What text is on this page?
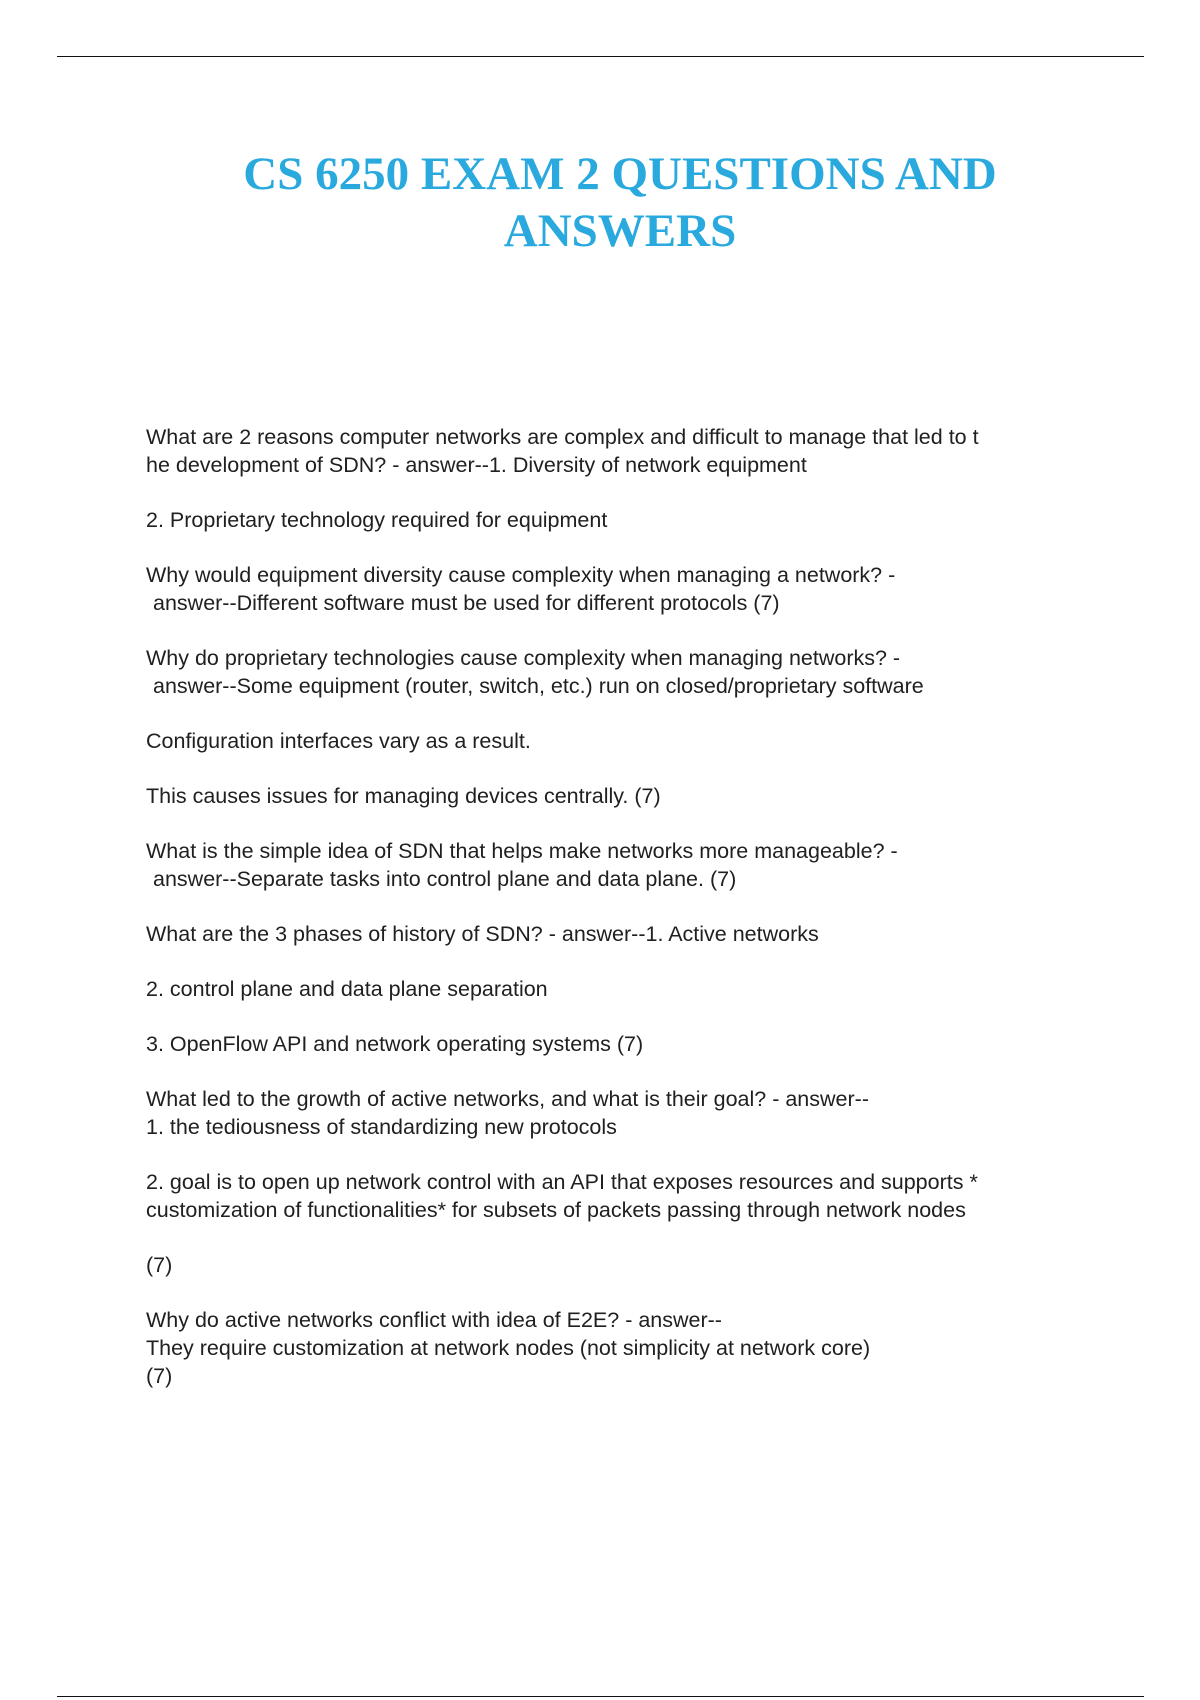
CS 6250 EXAM 2 QUESTIONS AND
ANSWERS

What are 2 reasons computer networks are complex and difficult to manage that led to t
he development of SDN? - answer--1. Diversity of network equipment

2. Proprietary technology required for equipment

Why would equipment diversity cause complexity when managing a network? -
answer--Different software must be used for different protocols (7)

Why do proprietary technologies cause complexity when managing networks? -
answer--Some equipment (router, switch, etc.) run on closed/proprietary software

Configuration interfaces vary as a result.

This causes issues for managing devices centrally. (7)

What is the simple idea of SDN that helps make networks more manageable? -
answer--Separate tasks into control plane and data plane. (7)

What are the 3 phases of history of SDN? - answer--1. Active networks

2. control plane and data plane separation

3. OpenFlow API and network operating systems (7)

What led to the growth of active networks, and what is their goal? - answer--
1. the tediousness of standardizing new protocols

2. goal is to open up network control with an API that exposes resources and supports *
customization of functionalities* for subsets of packets passing through network nodes

(7)

Why do active networks conflict with idea of E2E? - answer--
They require customization at network nodes (not simplicity at network core)
(7)
